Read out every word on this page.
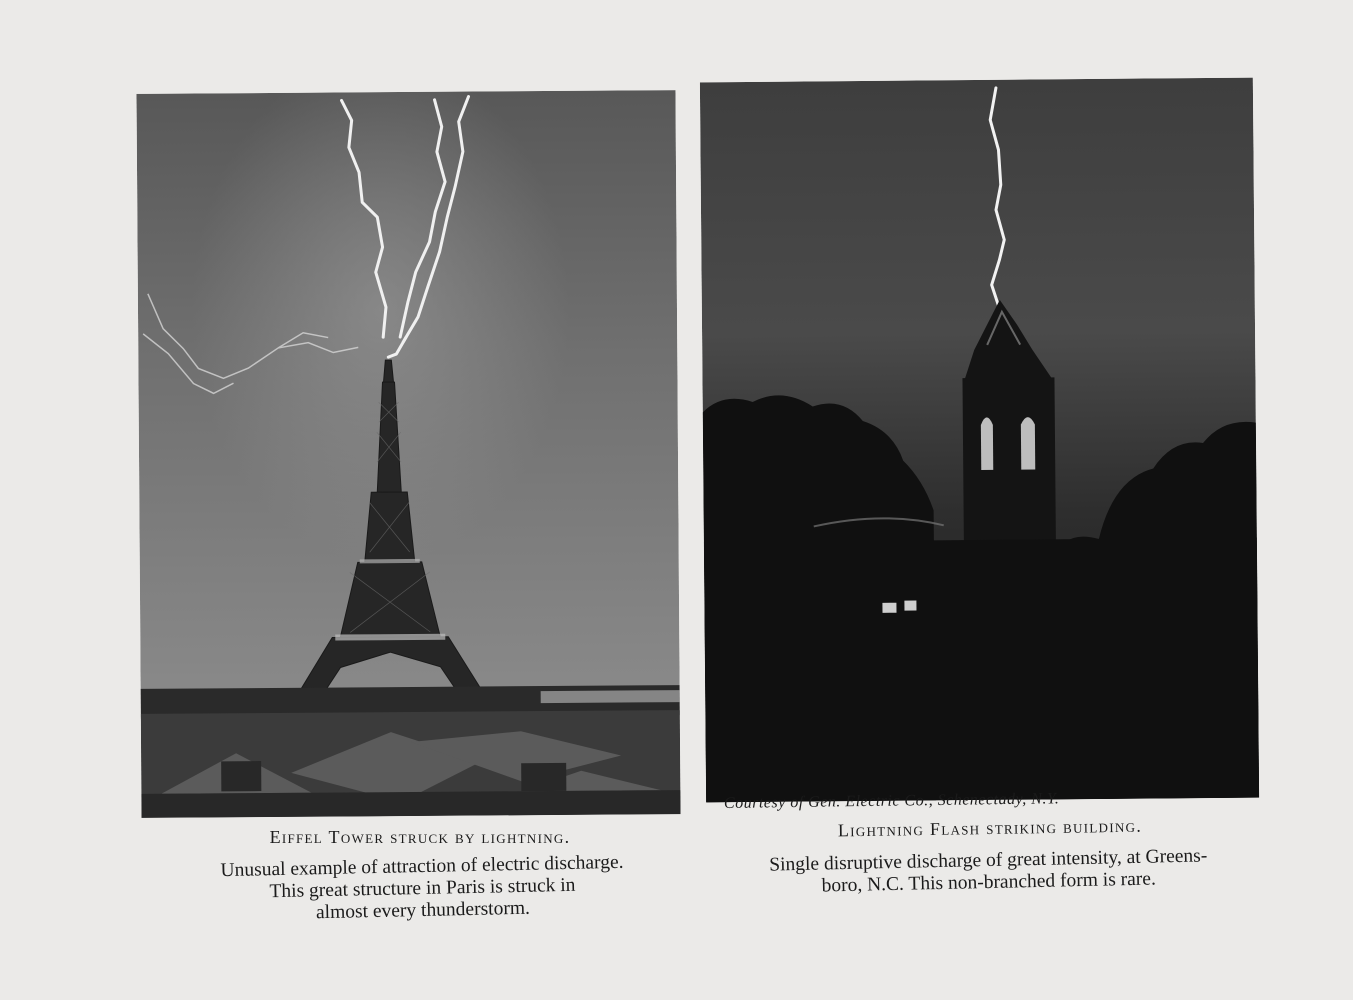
Courtesy of Gen. Electric Co., Schenectady, N.Y.
Eiffel Tower struck by lightning.	Lightning Flash striking building.
Unusual example of attraction of electric discharge.
This great structure in Paris is struck in
almost every thunderstorm.
Single disruptive discharge of great intensity, at Greens-
boro, N.C. This non-branched form is rare.
